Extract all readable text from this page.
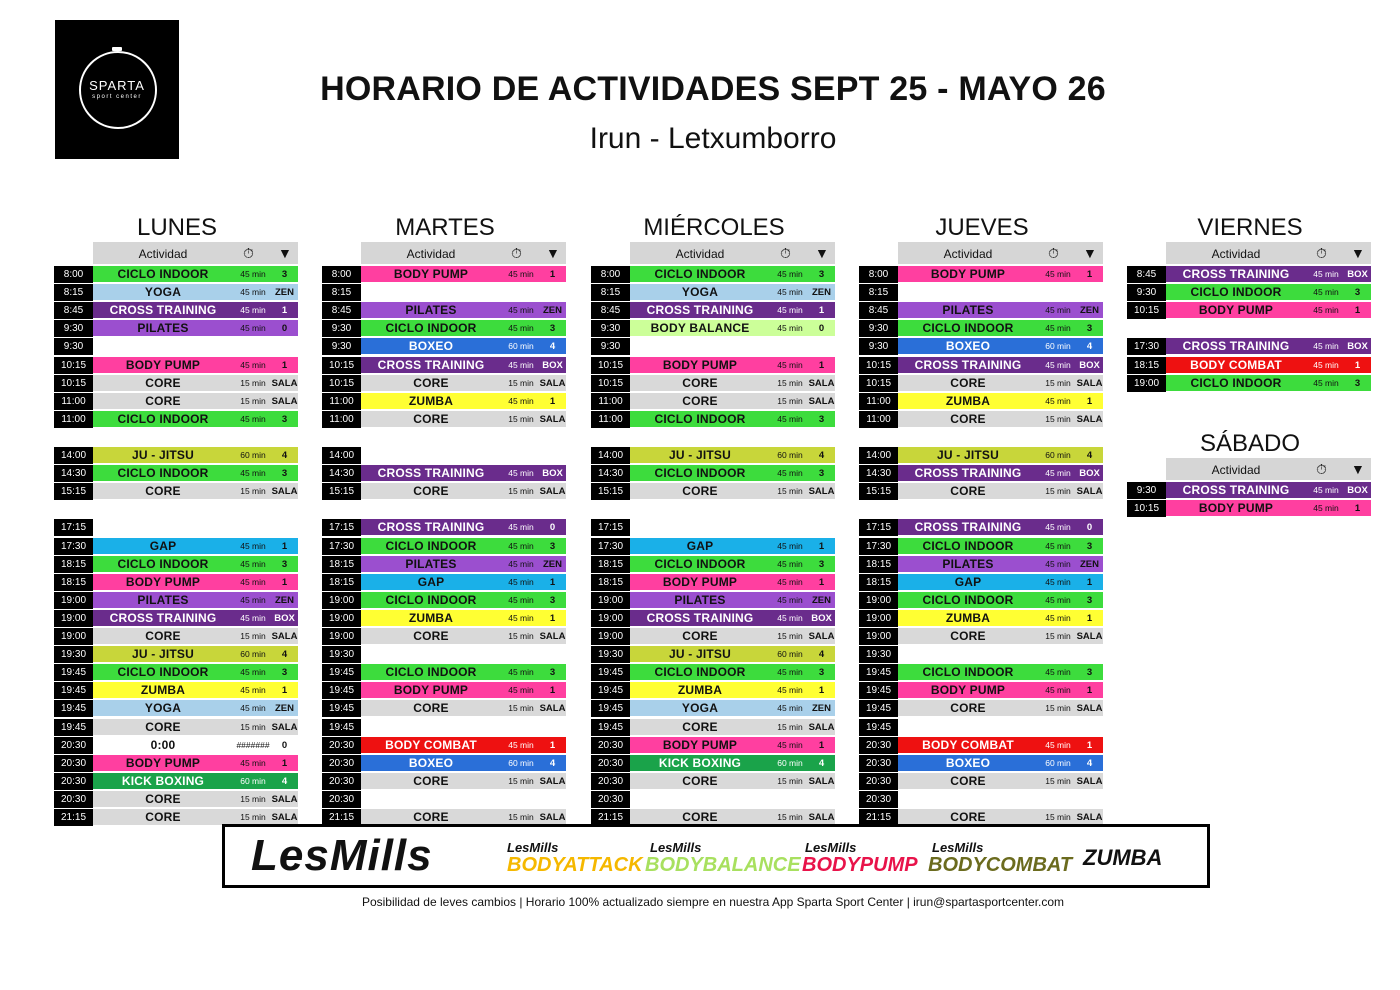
SPARTA
sport center	HORARIO DE ACTIVIDADES SEPT 25 - MAYO 26
Irun - Letxumborro
LUNES
Actividad	⏱ ▼
8:00	CICLO INDOOR	45 min	3
8:15	YOGA	45 min ZEN
8:45	CROSS TRAINING	45 min	1
9:30	PILATES	45 min	0
9:30
10:15	BODY PUMP	45 min	1
10:15	CORE	15 min SALA
11:00	CORE	15 min SALA
11:00	CICLO INDOOR	45 min	3
14:00	JU - JITSU	60 min	4
14:30	CICLO INDOOR	45 min	3
15:15	CORE	15 min SALA
17:15
17:30	GAP	45 min	1
18:15	CICLO INDOOR	45 min	3
18:15	BODY PUMP	45 min	1
19:00	PILATES	45 min ZEN
19:00	CROSS TRAINING	45 min BOX
19:00	CORE	15 min SALA
19:30	JU - JITSU	60 min	4
19:45	CICLO INDOOR	45 min	3
19:45	ZUMBA	45 min	1
19:45	YOGA	45 min ZEN
19:45	CORE	15 min SALA
20:30	0:00	#######	0
20:30	BODY PUMP	45 min	1
20:30	KICK BOXING	60 min	4
20:30	CORE	15 min SALA
21:15	CORE	15 min SALA
MARTES
Actividad	⏱ ▼
8:00	BODY PUMP	45 min	1
8:15
8:45	PILATES	45 min ZEN
9:30	CICLO INDOOR	45 min	3
9:30	BOXEO	60 min	4
10:15	CROSS TRAINING	45 min BOX
10:15	CORE	15 min SALA
11:00	ZUMBA	45 min	1
11:00	CORE	15 min SALA
14:00
14:30	CROSS TRAINING	45 min BOX
15:15	CORE	15 min SALA
17:15	CROSS TRAINING	45 min	0
17:30	CICLO INDOOR	45 min	3
18:15	PILATES	45 min ZEN
18:15	GAP	45 min	1
19:00	CICLO INDOOR	45 min	3
19:00	ZUMBA	45 min	1
19:00	CORE	15 min SALA
19:30
19:45	CICLO INDOOR	45 min	3
19:45	BODY PUMP	45 min	1
19:45	CORE	15 min SALA
19:45
20:30	BODY COMBAT	45 min	1
20:30	BOXEO	60 min	4
20:30	CORE	15 min SALA
20:30
21:15	CORE	15 min SALA
MIÉRCOLES
Actividad	⏱ ▼
8:00	CICLO INDOOR	45 min	3
8:15	YOGA	45 min ZEN
8:45	CROSS TRAINING	45 min	1
9:30	BODY BALANCE	45 min	0
9:30
10:15	BODY PUMP	45 min	1
10:15	CORE	15 min SALA
11:00	CORE	15 min SALA
11:00	CICLO INDOOR	45 min	3
14:00	JU - JITSU	60 min	4
14:30	CICLO INDOOR	45 min	3
15:15	CORE	15 min SALA
17:15
17:30	GAP	45 min	1
18:15	CICLO INDOOR	45 min	3
18:15	BODY PUMP	45 min	1
19:00	PILATES	45 min ZEN
19:00	CROSS TRAINING	45 min BOX
19:00	CORE	15 min SALA
19:30	JU - JITSU	60 min	4
19:45	CICLO INDOOR	45 min	3
19:45	ZUMBA	45 min	1
19:45	YOGA	45 min ZEN
19:45	CORE	15 min SALA
20:30	BODY PUMP	45 min	1
20:30	KICK BOXING	60 min	4
20:30	CORE	15 min SALA
20:30
21:15	CORE	15 min SALA
JUEVES
Actividad	⏱ ▼
8:00	BODY PUMP	45 min	1
8:15
8:45	PILATES	45 min ZEN
9:30	CICLO INDOOR	45 min	3
9:30	BOXEO	60 min	4
10:15	CROSS TRAINING	45 min BOX
10:15	CORE	15 min SALA
11:00	ZUMBA	45 min	1
11:00	CORE	15 min SALA
14:00	JU - JITSU	60 min	4
14:30	CROSS TRAINING	45 min BOX
15:15	CORE	15 min SALA
17:15	CROSS TRAINING	45 min	0
17:30	CICLO INDOOR	45 min	3
18:15	PILATES	45 min ZEN
18:15	GAP	45 min	1
19:00	CICLO INDOOR	45 min	3
19:00	ZUMBA	45 min	1
19:00	CORE	15 min SALA
19:30
19:45	CICLO INDOOR	45 min	3
19:45	BODY PUMP	45 min	1
19:45	CORE	15 min SALA
19:45
20:30	BODY COMBAT	45 min	1
20:30	BOXEO	60 min	4
20:30	CORE	15 min SALA
20:30
21:15	CORE	15 min SALA
VIERNES
Actividad	⏱ ▼
8:45	CROSS TRAINING	45 min BOX
9:30	CICLO INDOOR	45 min	3
10:15	BODY PUMP	45 min	1
17:30	CROSS TRAINING	45 min BOX
18:15	BODY COMBAT	45 min	1
19:00	CICLO INDOOR	45 min	3
SÁBADO
Actividad	⏱ ▼
9:30	CROSS TRAINING	45 min BOX
10:15	BODY PUMP	45 min	1
LesMills	LesMills
BODYATTACK
LesMills
BODYBALANCE
LesMills
BODYPUMP
LesMills
BODYCOMBAT ZUMBA
Posibilidad de leves cambios | Horario 100% actualizado siempre en nuestra App Sparta Sport Center | irun@spartasportcenter.com
